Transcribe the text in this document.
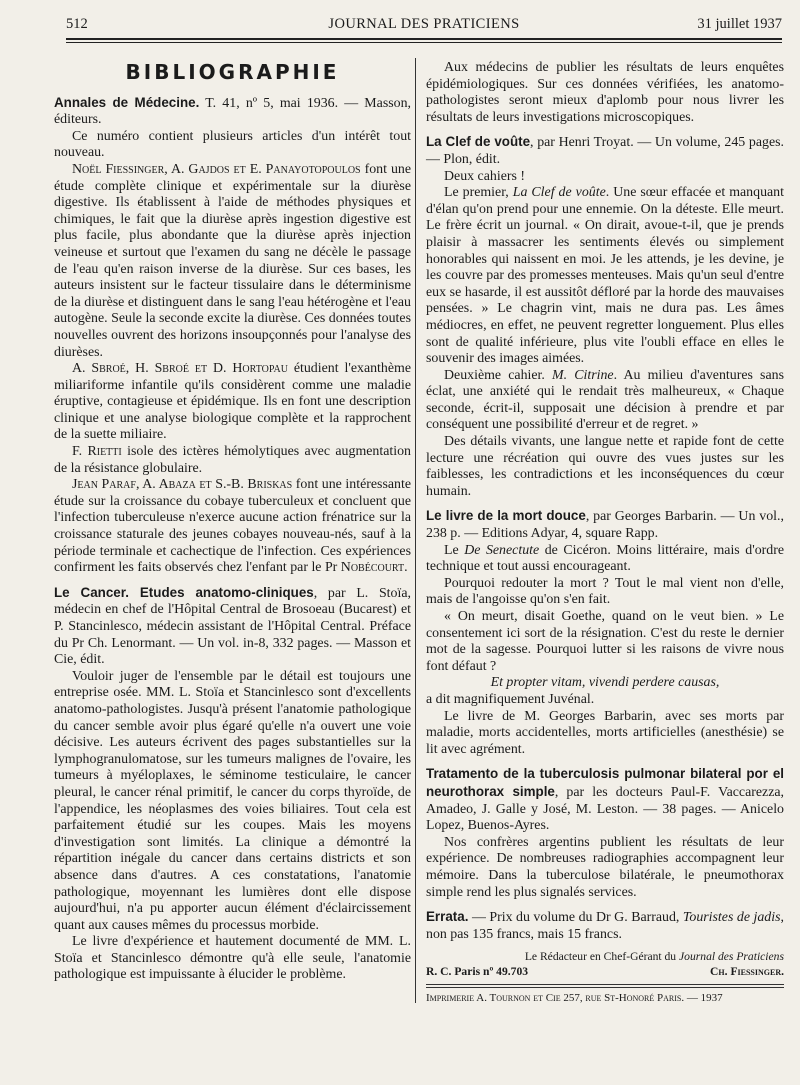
512	JOURNAL DES PRATICIENS	31 juillet 1937
BIBLIOGRAPHIE

Annales de Médecine. T. 41, nº 5, mai 1936. — Masson, éditeurs.

Ce numéro contient plusieurs articles d'un intérêt tout nouveau.

Noël Fiessinger, A. Gajdos et E. Panayotopoulos font une étude complète clinique et expérimentale sur la diurèse digestive. Ils établissent à l'aide de méthodes physiques et chimiques, le fait que la diurèse après ingestion digestive est plus facile, plus abondante que la diurèse après injection veineuse et surtout que l'examen du sang ne décèle le passage de l'eau qu'en raison inverse de la diurèse. Sur ces bases, les auteurs insistent sur le facteur tissulaire dans le déterminisme de la diurèse et distinguent dans le sang l'eau hétérogène et l'eau autogène. Seule la seconde excite la diurèse. Ces données toutes nouvelles ouvrent des horizons insoupçonnés pour l'analyse des diurèses.

A. Sbroé, H. Sbroé et D. Hortopau étudient l'exanthème miliariforme infantile qu'ils considèrent comme une maladie éruptive, contagieuse et épidémique. Ils en font une description clinique et une analyse biologique complète et la rapprochent de la suette miliaire.

F. Rietti isole des ictères hémolytiques avec augmentation de la résistance globulaire.

Jean Paraf, A. Abaza et S.-B. Briskas font une intéressante étude sur la croissance du cobaye tuberculeux et concluent que l'infection tuberculeuse n'exerce aucune action frénatrice sur la croissance staturale des jeunes cobayes nouveau-nés, sauf à la période terminale et cachectique de l'infection. Ces expériences confirment les faits observés chez l'enfant par le Pr Nobécourt.

Le Cancer. Etudes anatomo-cliniques, par L. Stoïa, médecin en chef de l'Hôpital Central de Brosoeau (Bucarest) et P. Stancinlesco, médecin assistant de l'Hôpital Central. Préface du Pr Ch. Lenormant. — Un vol. in-8, 332 pages. — Masson et Cie, édit.

Vouloir juger de l'ensemble par le détail est toujours une entreprise osée. MM. L. Stoïa et Stancinlesco sont d'excellents anatomo-pathologistes. Jusqu'à présent l'anatomie pathologique du cancer semble avoir plus égaré qu'elle n'a ouvert une voie décisive. Les auteurs écrivent des pages substantielles sur la lymphogranulomatose, sur les tumeurs malignes de l'ovaire, les tumeurs à myéloplaxes, le séminome testiculaire, le cancer pleural, le cancer rénal primitif, le cancer du corps thyroïde, de l'appendice, les néoplasmes des voies biliaires. Tout cela est parfaitement étudié sur les coupes. Mais les moyens d'investigation sont limités. La clinique a démontré la répartition inégale du cancer dans certains districts et son absence dans d'autres. A ces constatations, l'anatomie pathologique, moyennant les lumières dont elle dispose aujourd'hui, n'a pu apporter aucun élément d'éclaircissement quant aux causes mêmes du processus morbide.

Le livre d'expérience et hautement documenté de MM. L. Stoïa et Stancinlesco démontre qu'à elle seule, l'anatomie pathologique est impuissante à élucider le problème.

Aux médecins de publier les résultats de leurs enquêtes épidémiologiques. Sur ces données vérifiées, les anatomo-pathologistes seront mieux d'aplomb pour nous livrer les résultats de leurs investigations microscopiques.

La Clef de voûte, par Henri Troyat. — Un volume, 245 pages. — Plon, édit.

Deux cahiers !

Le premier, La Clef de voûte. Une sœur effacée et manquant d'élan qu'on prend pour une ennemie. On la déteste. Elle meurt. Le frère écrit un journal. « On dirait, avoue-t-il, que je prends plaisir à massacrer les sentiments élevés ou simplement honorables qui naissent en moi. Je les attends, je les devine, je les couvre par des promesses menteuses. Mais qu'un seul d'entre eux se hasarde, il est aussitôt défloré par la horde des mauvaises pensées. » Le chagrin vint, mais ne dura pas. Les âmes médiocres, en effet, ne peuvent regretter longuement. Plus elles sont de qualité inférieure, plus vite l'oubli efface en elles le souvenir des images aimées.

Deuxième cahier. M. Citrine. Au milieu d'aventures sans éclat, une anxiété qui le rendait très malheureux, « Chaque seconde, écrit-il, supposait une décision à prendre et par conséquent une possibilité d'erreur et de regret. »

Des détails vivants, une langue nette et rapide font de cette lecture une récréation qui ouvre des vues justes sur les faiblesses, les contradictions et les inconséquences du cœur humain.

Le livre de la mort douce, par Georges Barbarin. — Un vol., 238 p. — Editions Adyar, 4, square Rapp.

Le De Senectute de Cicéron. Moins littéraire, mais d'ordre technique et tout aussi encourageant.

Pourquoi redouter la mort ? Tout le mal vient non d'elle, mais de l'angoisse qu'on s'en fait.

« On meurt, disait Goethe, quand on le veut bien. » Le consentement ici sort de la résignation. C'est du reste le dernier mot de la sagesse. Pourquoi lutter si les raisons de vivre nous font défaut ?

Et propter vitam, vivendi perdere causas,

a dit magnifiquement Juvénal.

Le livre de M. Georges Barbarin, avec ses morts par maladie, morts accidentelles, morts artificielles (anesthésie) se lit avec agrément.

Tratamento de la tuberculosis pulmonar bilateral por el neurothorax simple, par les docteurs Paul-F. Vaccarezza, Amadeo, J. Galle y José, M. Leston. — 38 pages. — Anicelo Lopez, Buenos-Ayres.

Nos confrères argentins publient les résultats de leur expérience. De nombreuses radiographies accompagnent leur mémoire. Dans la tuberculose bilatérale, le pneumothorax simple rend les plus signalés services.

Errata. — Prix du volume du Dr G. Barraud, Touristes de jadis, non pas 135 francs, mais 15 francs.

Le Rédacteur en Chef-Gérant du Journal des Praticiens
R. C. Paris nº 49.703	Ch. Fiessinger.
Imprimerie A. Tournon et Cie 257, rue St-Honoré Paris. — 1937
